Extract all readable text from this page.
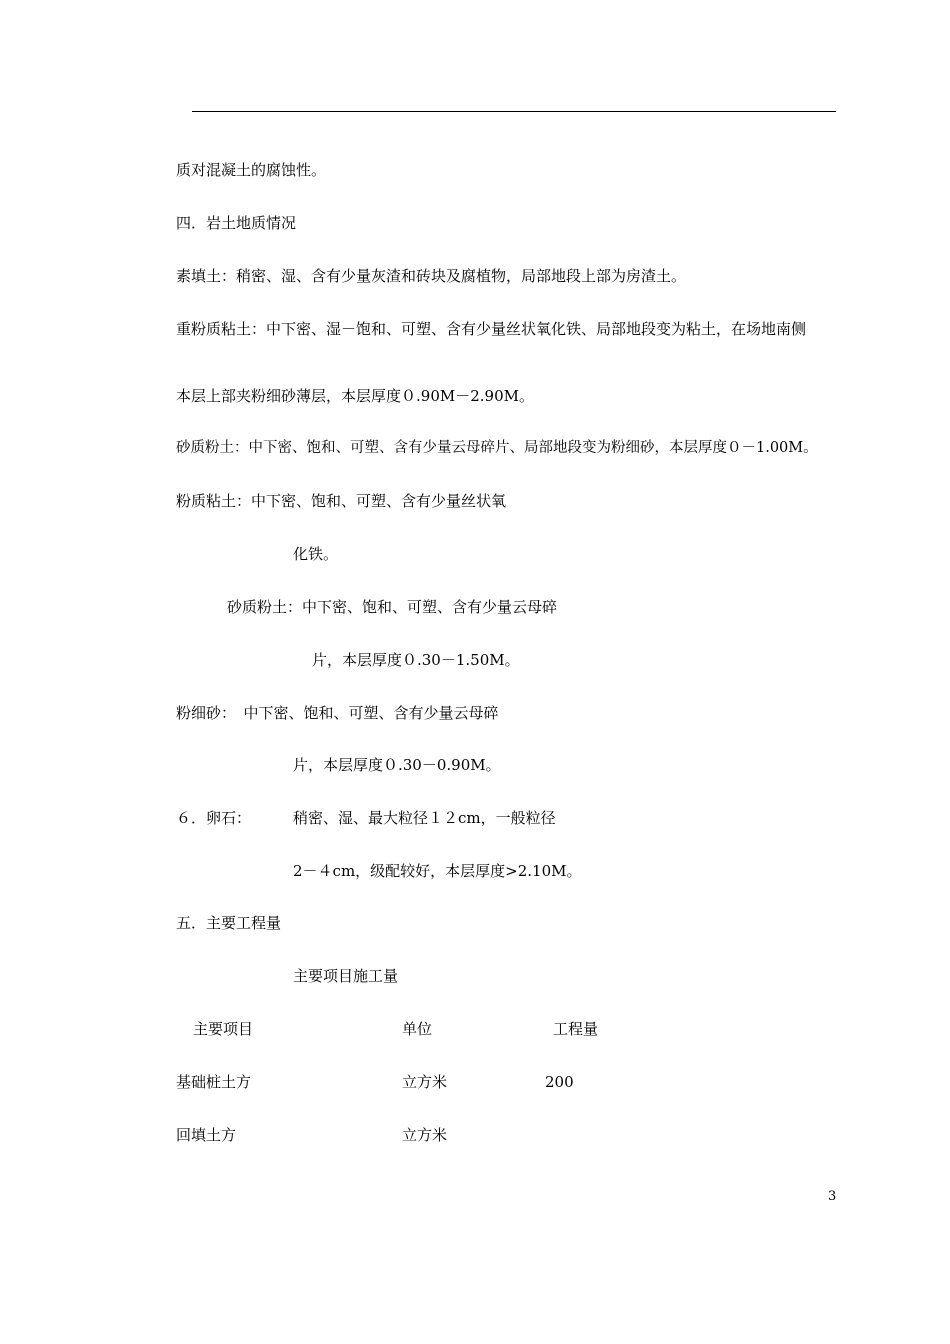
质对混凝土的腐蚀性。
四．岩土地质情况
素填土：稍密、湿、含有少量灰渣和砖块及腐植物，局部地段上部为房渣土。
重粉质粘土：中下密、湿－饱和、可塑、含有少量丝状氧化铁、局部地段变为粘土，在场地南侧
本层上部夹粉细砂薄层，本层厚度０.90M－2.90M。
砂质粉土：中下密、饱和、可塑、含有少量云母碎片、局部地段变为粉细砂，本层厚度０－1.00M。
粉质粘土：中下密、饱和、可塑、含有少量丝状氧
化铁。
砂质粉土：中下密、饱和、可塑、含有少量云母碎
片，本层厚度０.30－1.50M。
粉细砂：　中下密、饱和、可塑、含有少量云母碎
片，本层厚度０.30－0.90M。
６．卵石：	稍密、湿、最大粒径１２cm，一般粒径
2－４cm，级配较好，本层厚度>2.10M。
五．主要工程量
主要项目施工量
主要项目	单位	工程量
基础桩土方	立方米	200
回填土方	立方米
3
